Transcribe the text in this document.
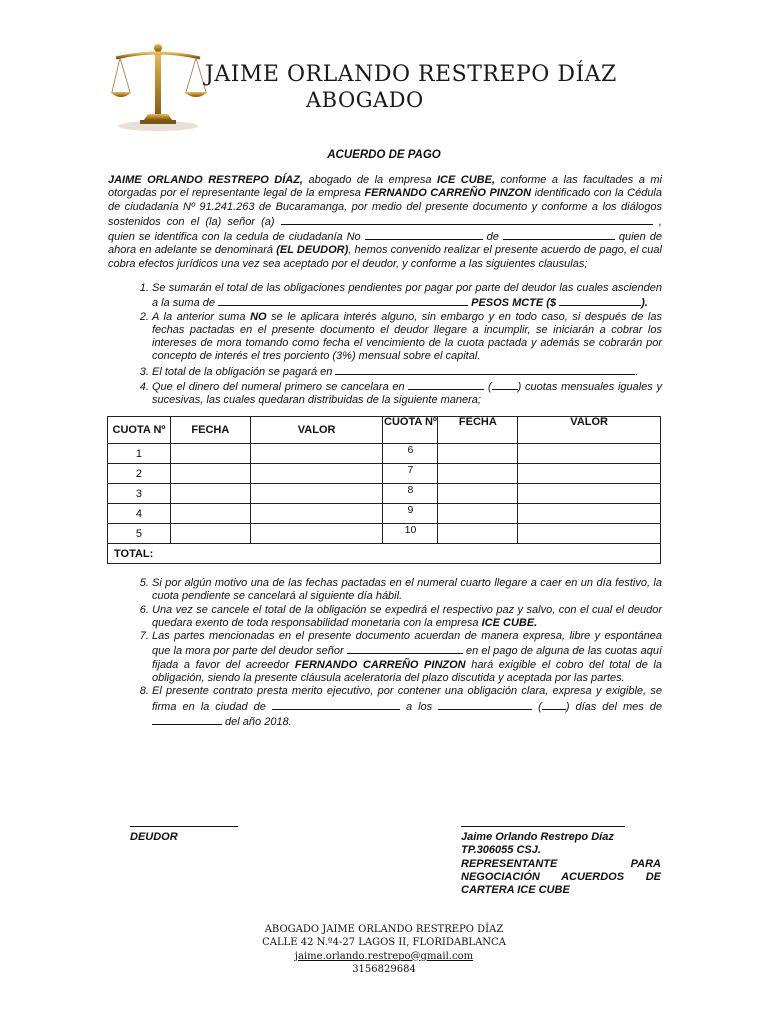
JAIME ORLANDO RESTREPO DÍAZ
ABOGADO
ACUERDO DE PAGO
JAIME ORLANDO RESTREPO DÍAZ, abogado de la empresa ICE CUBE, conforme a las facultades a mi otorgadas por el representante legal de la empresa FERNANDO CARREÑO PINZON identificado con la Cédula de ciudadanía Nº 91.241.263 de Bucaramanga, por medio del presente documento y conforme a los diálogos sostenidos con el (la) señor (a)	, quien se identifica con la cedula de ciudadanía No	de	quien de ahora en adelante se denominará (EL DEUDOR), hemos convenido realizar el presente acuerdo de pago, el cual cobra efectos jurídicos una vez sea aceptado por el deudor, y conforme a las siguientes clausulas;
1. Se sumarán el total de las obligaciones pendientes por pagar por parte del deudor las cuales ascienden a la suma de	PESOS MCTE ($	).
2. A la anterior suma NO se le aplicara interés alguno, sin embargo y en todo caso, si después de las fechas pactadas en el presente documento el deudor llegare a incumplir, se iniciarán a cobrar los intereses de mora tomando como fecha el vencimiento de la cuota pactada y además se cobrarán por concepto de interés el tres porciento (3%) mensual sobre el capital.
3. El total de la obligación se pagará en	.
4. Que el dinero del numeral primero se cancelara en	( ) cuotas mensuales iguales y sucesivas, las cuales quedaran distribuidas de la siguiente manera;
CUOTA Nº	FECHA	VALOR	CUOTA Nº	FECHA	VALOR
1			6		
2			7		
3			8		
4			9		
5			10		
TOTAL:					
5. Si por algún motivo una de las fechas pactadas en el numeral cuarto llegare a caer en un día festivo, la cuota pendiente se cancelará al siguiente día hábil.
6. Una vez se cancele el total de la obligación se expedirá el respectivo paz y salvo, con el cual el deudor quedara exento de toda responsabilidad monetaria con la empresa ICE CUBE.
7. Las partes mencionadas en el presente documento acuerdan de manera expresa, libre y espontánea que la mora por parte del deudor señor	en el pago de alguna de las cuotas aquí fijada a favor del acreedor FERNANDO CARREÑO PINZON hará exigible el cobro del total de la obligación, siendo la presente cláusula aceleratoria del plazo discutida y aceptada por las partes.
8. El presente contrato presta merito ejecutivo, por contener una obligación clara, expresa y exigible, se firma en la ciudad de	a los	( ) días del mes de  del año 2018.
DEUDOR	Jaime Orlando Restrepo Díaz
TP.306055 CSJ.
REPRESENTANTE PARA
NEGOCIACIÓN ACUERDOS DE
CARTERA ICE CUBE
ABOGADO JAIME ORLANDO RESTREPO DÍAZ
CALLE 42 N.º4-27 LAGOS II, FLORIDABLANCA
jaime.orlando.restrepo@gmail.com
3156829684
